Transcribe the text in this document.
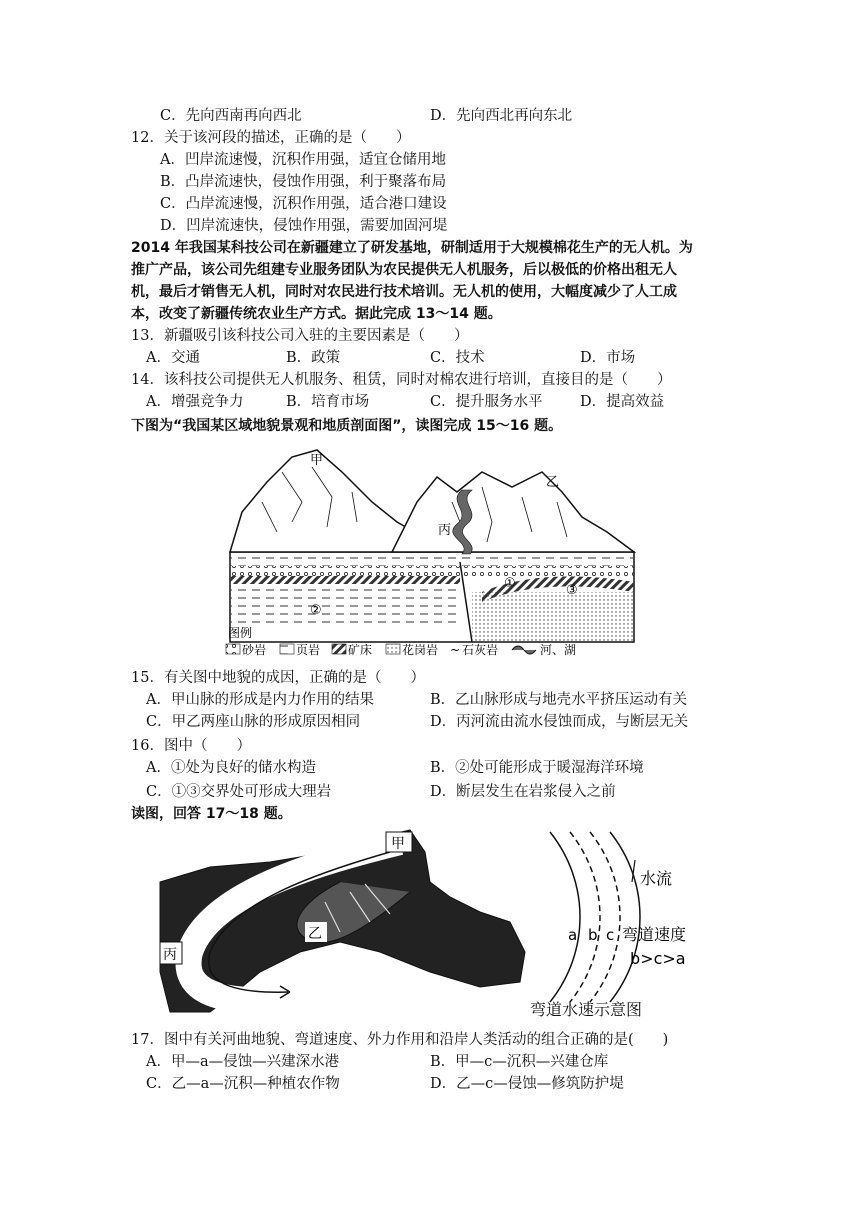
C．先向西南再向西北	D．先向西北再向东北
12．关于该河段的描述，正确的是（　　）
A．凹岸流速慢，沉积作用强，适宜仓储用地
B．凸岸流速快，侵蚀作用强，利于聚落布局
C．凸岸流速慢，沉积作用强，适合港口建设
D．凹岸流速快，侵蚀作用强，需要加固河堤
2014 年我国某科技公司在新疆建立了研发基地，研制适用于大规模棉花生产的无人机。为
推广产品，该公司先组建专业服务团队为农民提供无人机服务，后以极低的价格出租无人
机，最后才销售无人机，同时对农民进行技术培训。无人机的使用，大幅度减少了人工成
本，改变了新疆传统农业生产方式。据此完成 13～14 题。
13．新疆吸引该科技公司入驻的主要因素是（　　）
A．交通	B．政策	C．技术	D．市场
14．该科技公司提供无人机服务、租赁，同时对棉农进行培训，直接目的是（　　）
A．增强竞争力	B．培育市场	C．提升服务水平	D．提高效益
下图为“我国某区域地貌景观和地质剖面图”，读图完成 15～16 题。
甲
乙
丙
①
②
③
图例
砂岩 页岩 矿床 花岗岩 ~ 石灰岩	河、湖
15．有关图中地貌的成因，正确的是（　　）
A．甲山脉的形成是内力作用的结果	B．乙山脉形成与地壳水平挤压运动有关
C．甲乙两座山脉的形成原因相同	D．丙河流由流水侵蚀而成，与断层无关
16．图中（　　）
A．①处为良好的储水构造	B．②处可能形成于暖湿海洋环境
C．①③交界处可形成大理岩	D．断层发生在岩浆侵入之前
读图，回答 17～18 题。
甲
乙
丙
水流
a b c 弯道速度
b>c>a
弯道水速示意图
17．图中有关河曲地貌、弯道速度、外力作用和沿岸人类活动的组合正确的是(　　)
A．甲—a—侵蚀—兴建深水港	B．甲—c—沉积—兴建仓库
C．乙—a—沉积—种植农作物	D．乙—c—侵蚀—修筑防护堤
